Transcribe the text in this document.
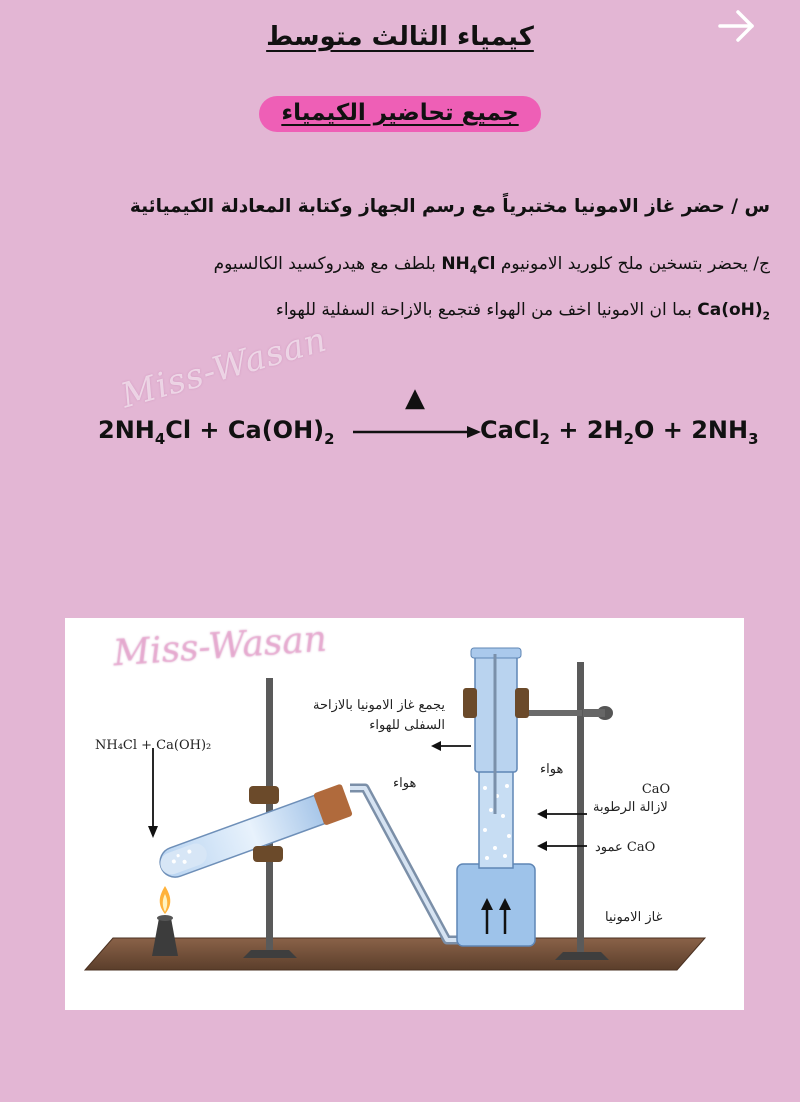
كيمياء الثالث متوسط
جميع تحاضير الكيمياء
س / حضر غاز الامونيا مختبرياً مع رسم الجهاز وكتابة المعادلة الكيميائية
ج/ يحضر بتسخين ملح كلوريد الامونيوم $NH_4Cl$ بلطف مع هيدروكسيد الكالسيوم
$Ca(oH)_2$ بما ان الامونيا اخف من الهواء فتجمع بالازاحة السفلية للهواء
Miss-Wasan
$2NH_4Cl + Ca(OH)_2$
▲
CaCl$_2$ + $2H_2O + 2NH_3$
Miss-Wasan
NH₄Cl + Ca(OH)₂
يجمع غاز الامونيا بالازاحة السفلى للهواء
هواء
هواء
CaO
لازالة الرطوبة
CaO عمود
غاز الامونيا
